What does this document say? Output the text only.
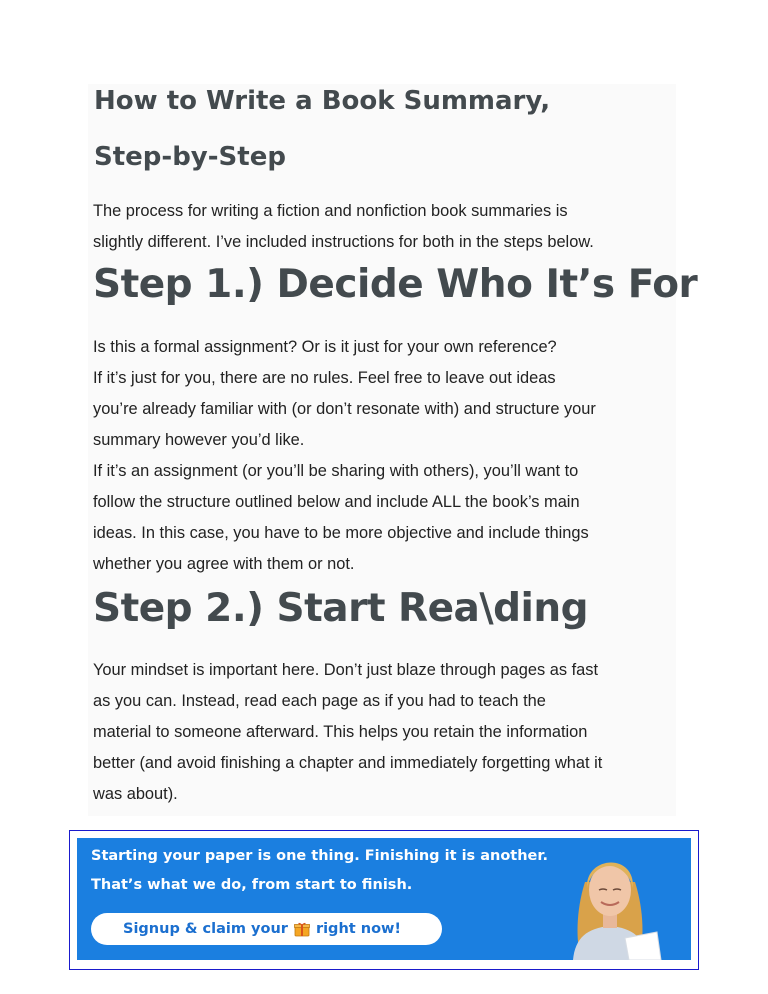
How to Write a Book Summary,
Step-by-Step
The process for writing a fiction and nonfiction book summaries is
slightly different. I’ve included instructions for both in the steps below.
Step 1.) Decide Who It’s For
Is this a formal assignment? Or is it just for your own reference?
If it’s just for you, there are no rules. Feel free to leave out ideas
you’re already familiar with (or don’t resonate with) and structure your
summary however you’d like.
If it’s an assignment (or you’ll be sharing with others), you’ll want to
follow the structure outlined below and include ALL the book’s main
ideas. In this case, you have to be more objective and include things
whether you agree with them or not.
Step 2.) Start Rea\ding
Your mindset is important here. Don’t just blaze through pages as fast
as you can. Instead, read each page as if you had to teach the
material to someone afterward. This helps you retain the information
better (and avoid finishing a chapter and immediately forgetting what it
was about).

Starting your paper is one thing. Finishing it is another.

That’s what we do, from start to finish.

Signup & claim your right now!
